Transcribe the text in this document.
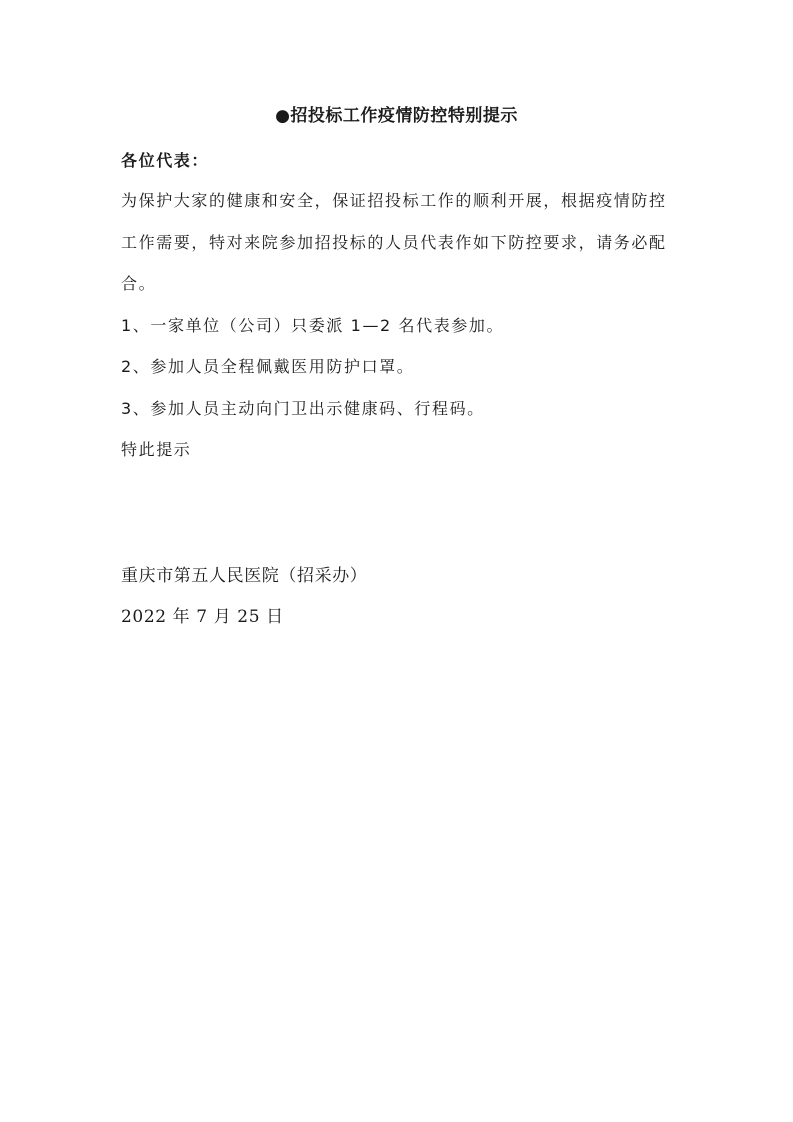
●招投标工作疫情防控特别提示
各位代表：
为保护大家的健康和安全，保证招投标工作的顺利开展，根据疫情防控
工作需要，特对来院参加招投标的人员代表作如下防控要求，请务必配
合。
1、一家单位（公司）只委派 1—2 名代表参加。
2、参加人员全程佩戴医用防护口罩。
3、参加人员主动向门卫出示健康码、行程码。
特此提示
重庆市第五人民医院（招采办）
2022 年 7 月 25 日
